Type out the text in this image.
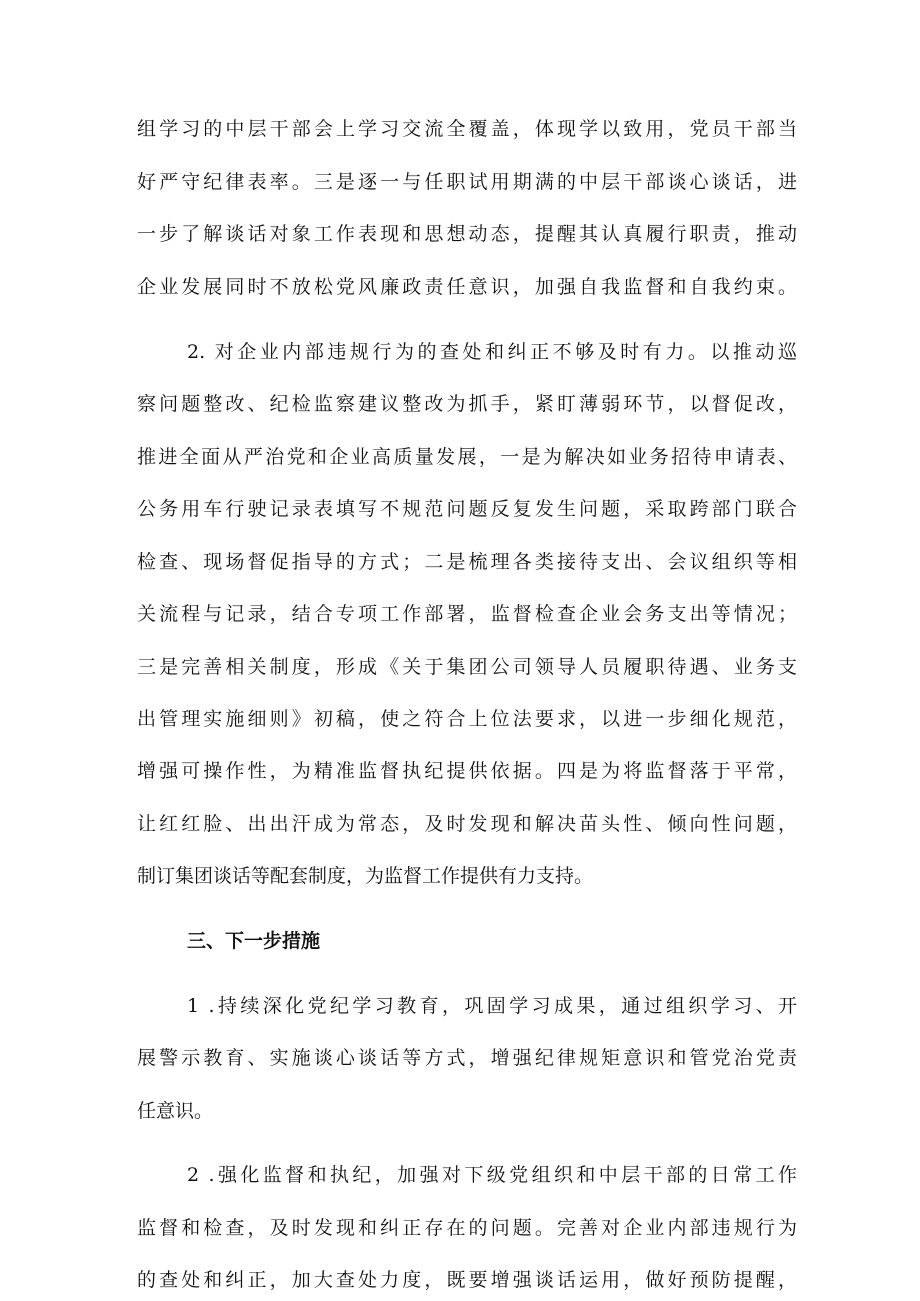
组学习的中层干部会上学习交流全覆盖，体现学以致用，党员干部当
好严守纪律表率。三是逐一与任职试用期满的中层干部谈心谈话，进
一步了解谈话对象工作表现和思想动态，提醒其认真履行职责，推动
企业发展同时不放松党风廉政责任意识，加强自我监督和自我约束。
2. 对企业内部违规行为的查处和纠正不够及时有力。以推动巡
察问题整改、纪检监察建议整改为抓手，紧盯薄弱环节，以督促改，
推进全面从严治党和企业高质量发展，一是为解决如业务招待申请表、
公务用车行驶记录表填写不规范问题反复发生问题，采取跨部门联合
检查、现场督促指导的方式；二是梳理各类接待支出、会议组织等相
关流程与记录，结合专项工作部署，监督检查企业会务支出等情况；
三是完善相关制度，形成《关于集团公司领导人员履职待遇、业务支
出管理实施细则》初稿，使之符合上位法要求，以进一步细化规范，
增强可操作性，为精准监督执纪提供依据。四是为将监督落于平常，
让红红脸、出出汗成为常态，及时发现和解决苗头性、倾向性问题，
制订集团谈话等配套制度，为监督工作提供有力支持。
三、下一步措施
1 .持续深化党纪学习教育，巩固学习成果，通过组织学习、开
展警示教育、实施谈心谈话等方式，增强纪律规矩意识和管党治党责
任意识。
2 .强化监督和执纪，加强对下级党组织和中层干部的日常工作
监督和检查，及时发现和纠正存在的问题。完善对企业内部违规行为
的查处和纠正，加大查处力度，既要增强谈话运用，做好预防提醒，
